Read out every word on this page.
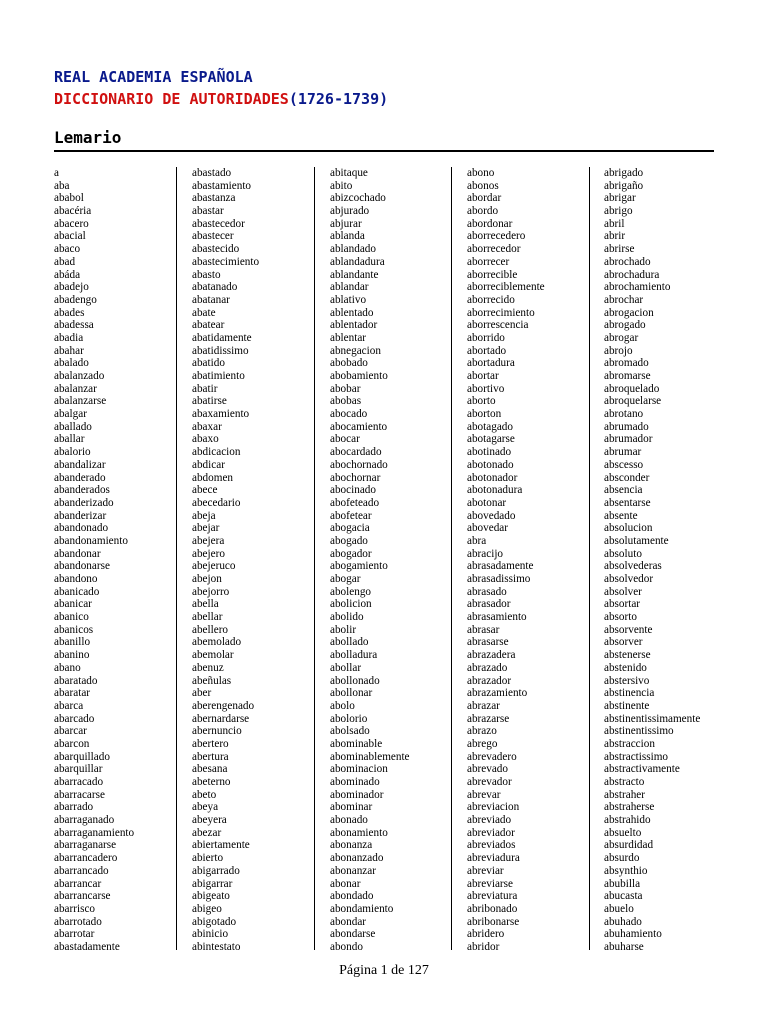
REAL ACADEMIA ESPAÑOLA
DICCIONARIO DE AUTORIDADES(1726-1739)
Lemario
a
aba
ababol
abacéria
abacero
abacial
abaco
abad
abáda
abadejo
abadengo
abades
abadessa
abadia
abahar
abalado
abalanzado
abalanzar
abalanzarse
abalgar
aballado
aballar
abalorio
abandalizar
abanderado
abanderados
abanderizado
abanderizar
abandonado
abandonamiento
abandonar
abandonarse
abandono
abanicado
abanicar
abanico
abanicos
abanillo
abanino
abano
abaratado
abaratar
abarca
abarcado
abarcar
abarcon
abarquillado
abarquillar
abarracado
abarracarse
abarrado
abarraganado
abarraganamiento
abarraganarse
abarrancadero
abarrancado
abarrancar
abarrancarse
abarrisco
abarrotado
abarrotar
abastadamente
abastado
abastamiento
abastanza
abastar
abastecedor
abastecer
abastecido
abastecimiento
abasto
abatanado
abatanar
abate
abatear
abatidamente
abatidissimo
abatido
abatimiento
abatir
abatirse
abaxamiento
abaxar
abaxo
abdicacion
abdicar
abdomen
abece
abecedario
abeja
abejar
abejera
abejero
abejeruco
abejon
abejorro
abella
abellar
abellero
abemolado
abemolar
abenuz
abeñulas
aber
aberengenado
abernardarse
abernuncio
abertero
abertura
abesana
abeterno
abeto
abeya
abeyera
abezar
abiertamente
abierto
abigarrado
abigarrar
abigeato
abigeo
abigotado
abinicio
abintestato
abitaque
abito
abizcochado
abjurado
abjurar
ablanda
ablandado
ablandadura
ablandante
ablandar
ablativo
ablentado
ablentador
ablentar
abnegacion
abobado
abobamiento
abobar
abobas
abocado
abocamiento
abocar
abocardado
abochornado
abochornar
abocinado
abofeteado
abofetear
abogacia
abogado
abogador
abogamiento
abogar
abolengo
abolicion
abolido
abolir
abollado
abolladura
abollar
abollonado
abollonar
abolo
abolorio
abolsado
abominable
abominablemente
abominacion
abominado
abominador
abominar
abonado
abonamiento
abonanza
abonanzado
abonanzar
abonar
abondado
abondamiento
abondar
abondarse
abondo
abono
abonos
abordar
abordo
abordonar
aborrecedero
aborrecedor
aborrecer
aborrecible
aborreciblemente
aborrecido
aborrecimiento
aborrescencia
aborrido
abortado
abortadura
abortar
abortivo
aborto
aborton
abotagado
abotagarse
abotinado
abotonado
abotonador
abotonadura
abotonar
abovedado
abovedar
abra
abracijo
abrasadamente
abrasadissimo
abrasado
abrasador
abrasamiento
abrasar
abrasarse
abrazadera
abrazado
abrazador
abrazamiento
abrazar
abrazarse
abrazo
abrego
abrevadero
abrevado
abrevador
abrevar
abreviacion
abreviado
abreviador
abreviados
abreviadura
abreviar
abreviarse
abreviatura
abribonado
abribonarse
abridero
abridor
abrigado
abrigaño
abrigar
abrigo
abril
abrir
abrirse
abrochado
abrochadura
abrochamiento
abrochar
abrogacion
abrogado
abrogar
abrojo
abromado
abromarse
abroquelado
abroquelarse
abrotano
abrumado
abrumador
abrumar
abscesso
absconder
absencia
absentarse
absente
absolucion
absolutamente
absoluto
absolvederas
absolvedor
absolver
absortar
absorto
absorvente
absorver
abstenerse
abstenido
abstersivo
abstinencia
abstinente
abstinentissimamente
abstinentissimo
abstraccion
abstractissimo
abstractivamente
abstracto
abstraher
abstraherse
abstrahido
absuelto
absurdidad
absurdo
absynthio
abubilla
abucasta
abuelo
abuhado
abuhamiento
abuharse
Página 1 de 127
